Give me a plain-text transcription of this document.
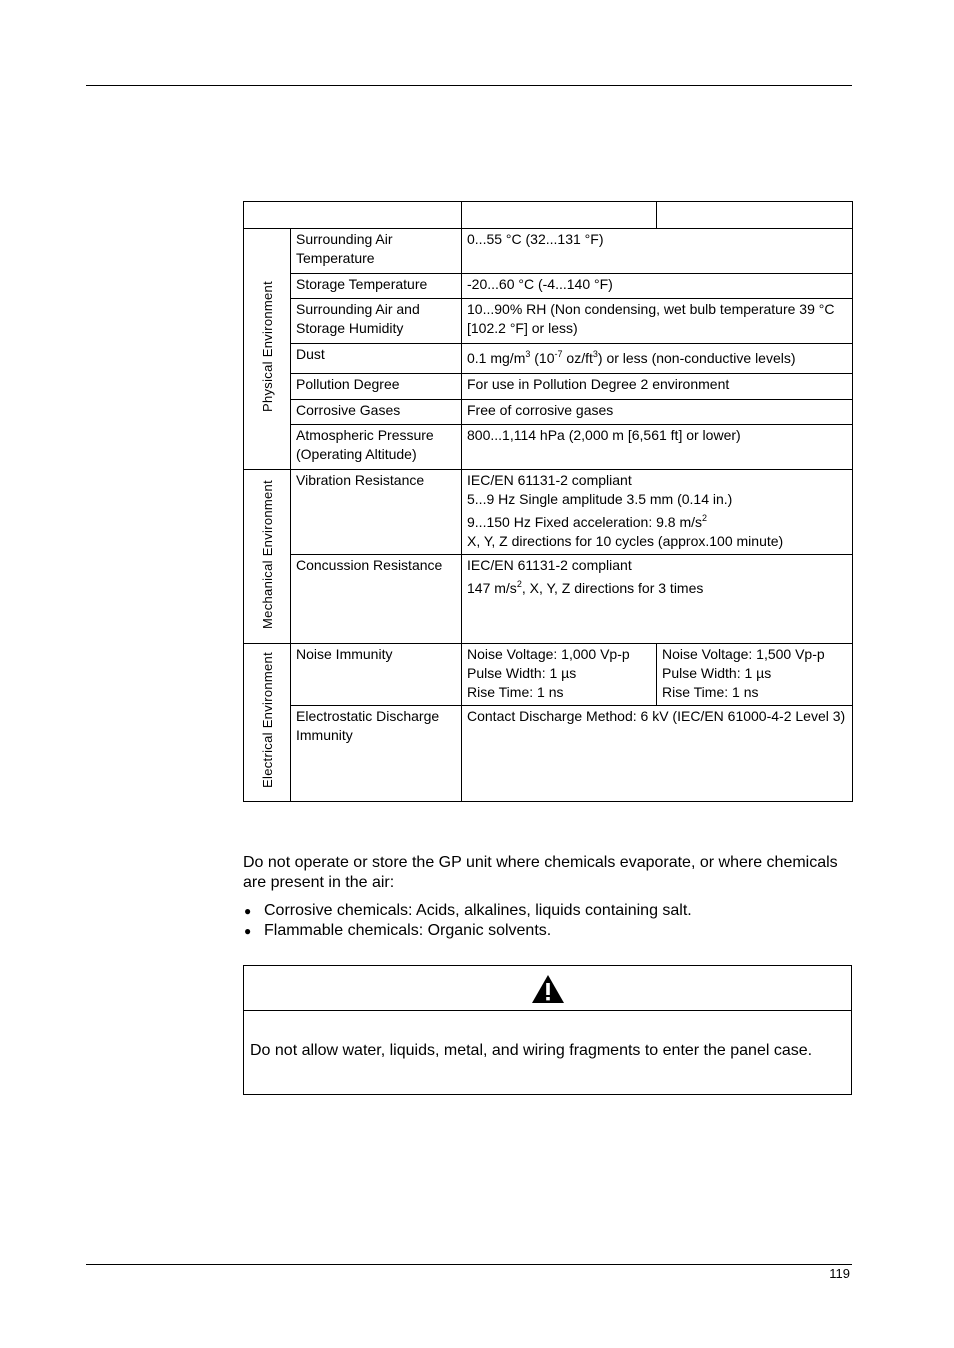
Physical Environment	Surrounding Air Temperature	0...55 °C (32...131 °F)	
	Storage Temperature	-20...60 °C (-4...140 °F)	
	Surrounding Air and Storage Humidity	10...90% RH (Non condensing, wet bulb temperature 39 °C [102.2 °F] or less)	
	Dust	0.1 $mg/m^3$ ($10^{-7}$ $oz/ft^3$) or less (non-conductive levels)	
	Pollution Degree	For use in Pollution Degree 2 environment	
	Corrosive Gases	Free of corrosive gases	
	Atmospheric Pressure (Operating Altitude)	800...1,114 hPa (2,000 m [6,561 ft] or lower)	
Mechanical Environment	Vibration Resistance	IEC/EN 61131-2 compliant
5...9 Hz Single amplitude 3.5 mm (0.14 in.)
9...150 Hz Fixed acceleration: 9.8 $m/s^2$
X, Y, Z directions for 10 cycles (approx.100 minute)	

	Concussion Resistance	IEC/EN 61131-2 compliant
147 $m/s^2$, X, Y, Z directions for 3 times	

Electrical Environment	Noise Immunity	Noise Voltage: 1,000 Vp-p
Pulse Width: 1 µs
Rise Time: 1 ns	Noise Voltage: 1,500 Vp-p
Pulse Width: 1 µs
Rise Time: 1 ns

	Electrostatic Discharge Immunity	Contact Discharge Method: 6 kV (IEC/EN 61000-4-2 Level 3)	
Do not operate or store the GP unit where chemicals evaporate, or where chemicals are present in the air:
● Corrosive chemicals: Acids, alkalines, liquids containing salt.
● Flammable chemicals: Organic solvents.
Do not allow water, liquids, metal, and wiring fragments to enter the panel case.
119
